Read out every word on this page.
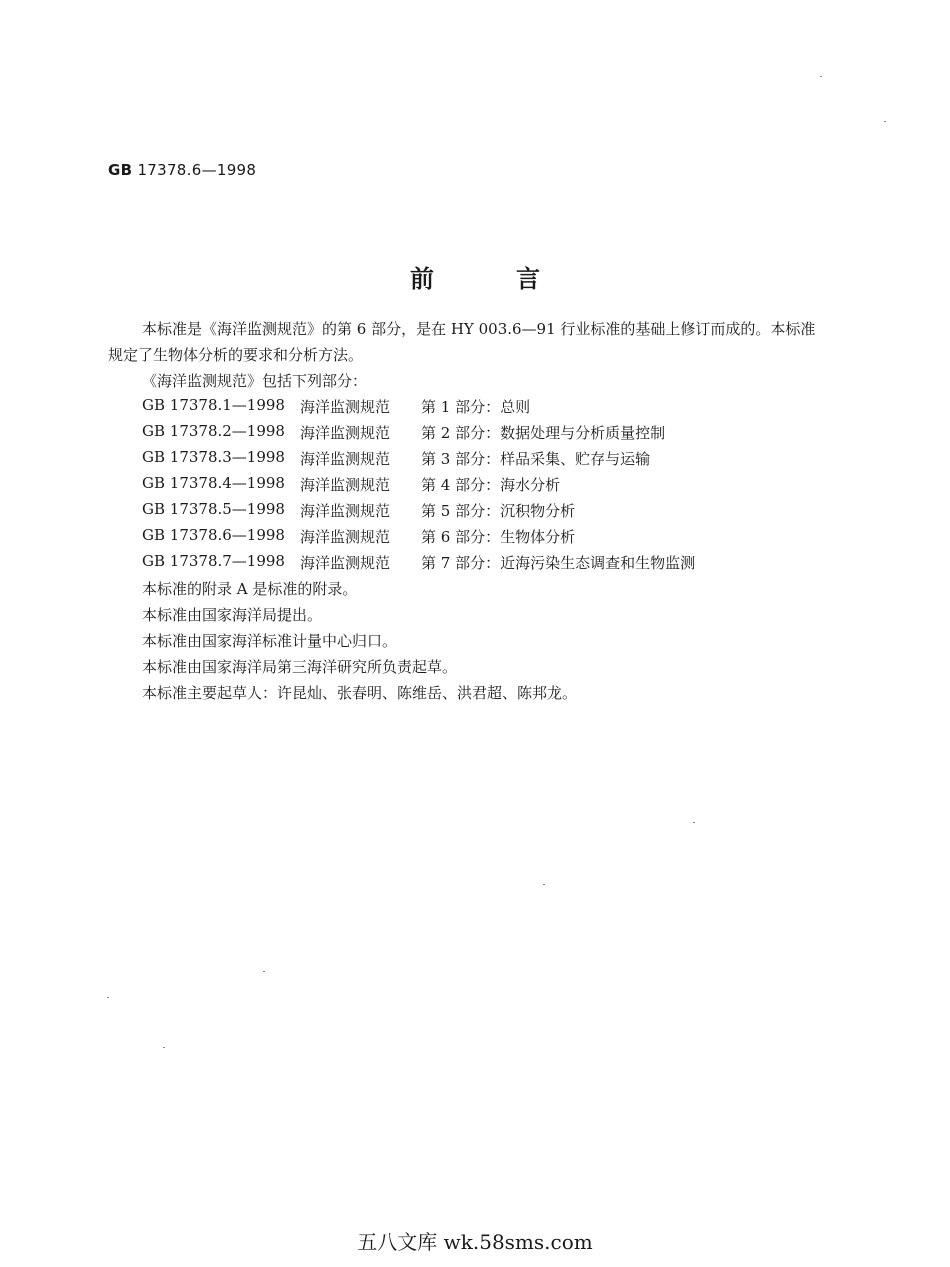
GB 17378.6—1998
前	言
本标准是《海洋监测规范》的第 6 部分，是在 HY 003.6—91 行业标准的基础上修订而成的。本标准
规定了生物体分析的要求和分析方法。
《海洋监测规范》包括下列部分：
GB 17378.1—1998 海洋监测规范 第 1 部分：总则
GB 17378.2—1998 海洋监测规范 第 2 部分：数据处理与分析质量控制
GB 17378.3—1998 海洋监测规范 第 3 部分：样品采集、贮存与运输
GB 17378.4—1998 海洋监测规范 第 4 部分：海水分析
GB 17378.5—1998 海洋监测规范 第 5 部分：沉积物分析
GB 17378.6—1998 海洋监测规范 第 6 部分：生物体分析
GB 17378.7—1998 海洋监测规范 第 7 部分：近海污染生态调查和生物监测
本标准的附录 A 是标准的附录。
本标准由国家海洋局提出。
本标准由国家海洋标准计量中心归口。
本标准由国家海洋局第三海洋研究所负责起草。
本标准主要起草人：许昆灿、张春明、陈维岳、洪君超、陈邦龙。
五八文库 wk.58sms.com
